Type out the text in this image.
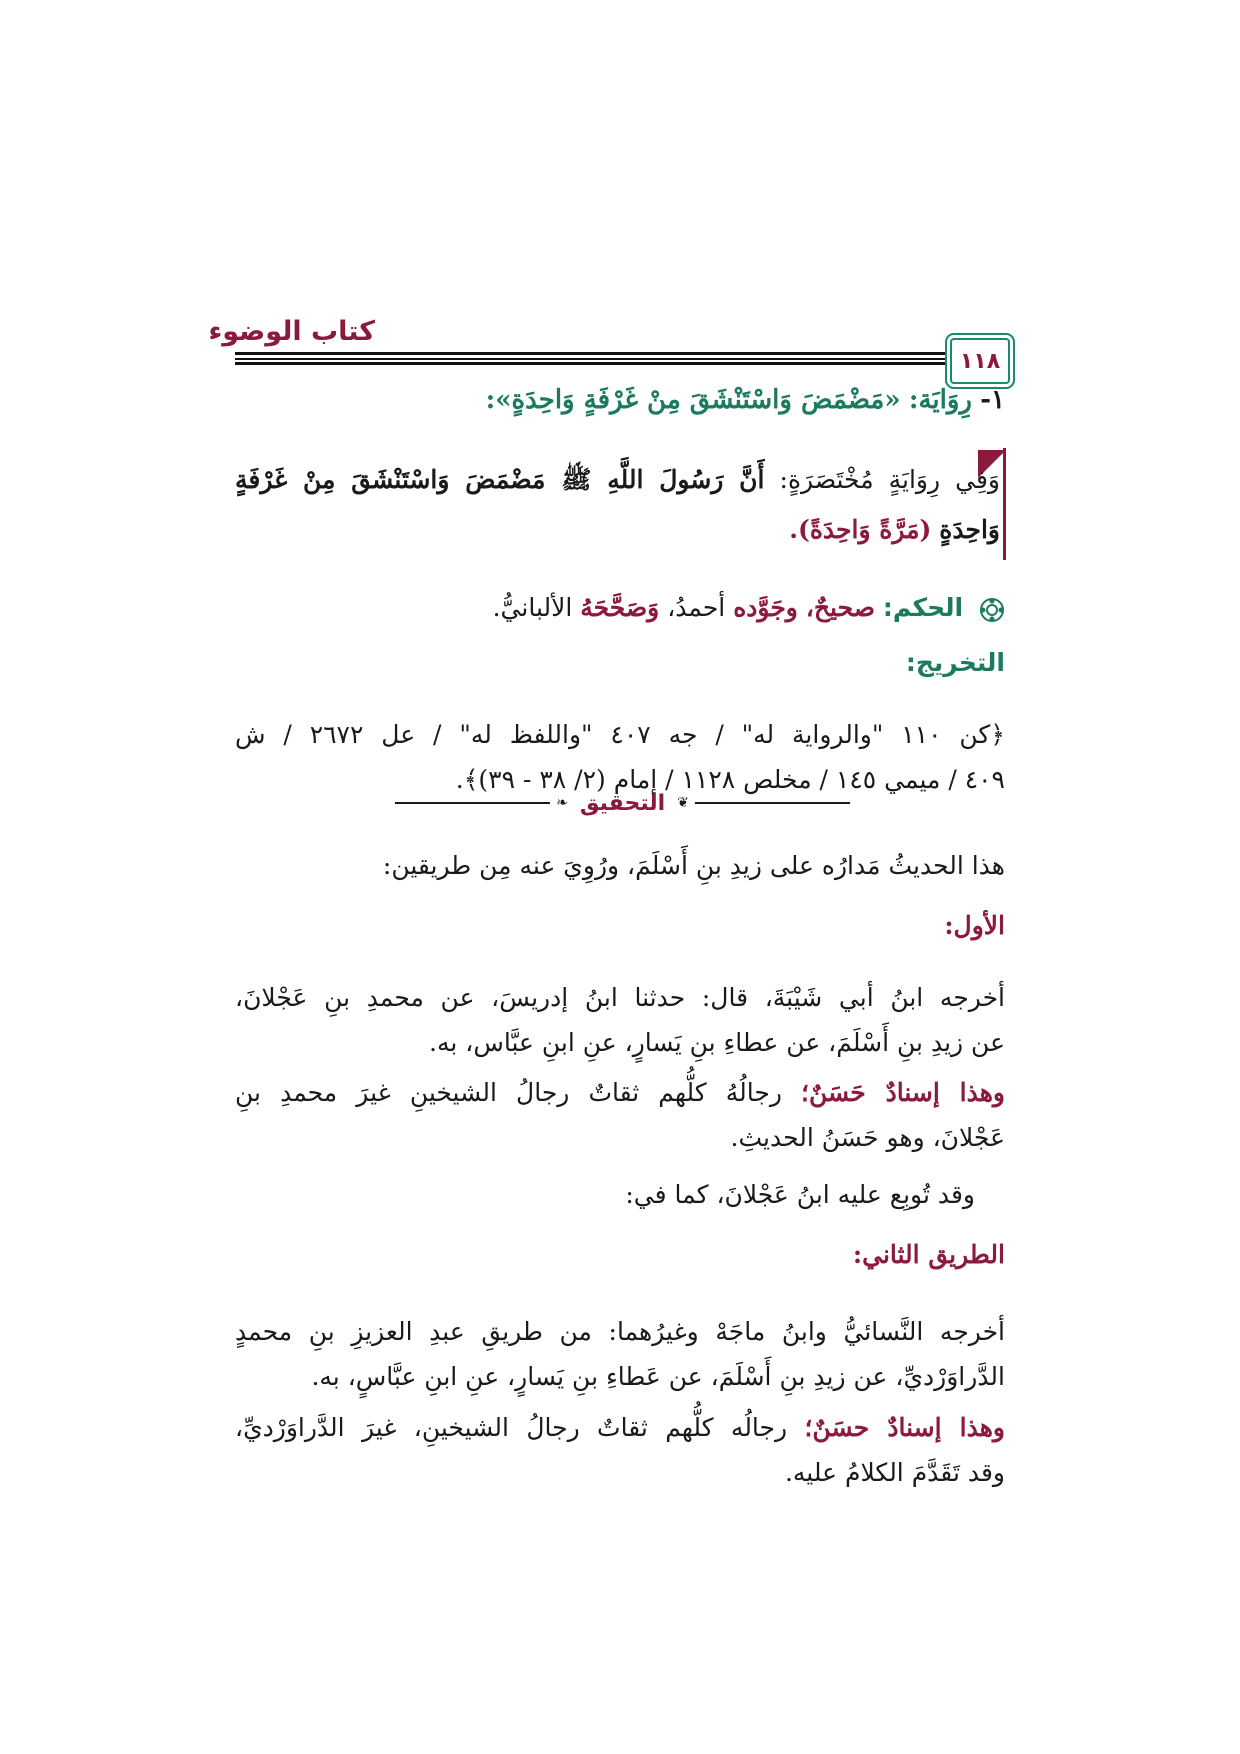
كتاب الوضوء
١١٨
١- رِوَايَة: «مَضْمَضَ وَاسْتَنْشَقَ مِنْ غَرْفَةٍ وَاحِدَةٍ»:
وَفِي رِوَايَةٍ مُخْتَصَرَةٍ: أَنَّ رَسُولَ اللَّهِ ﷺ مَضْمَضَ وَاسْتَنْشَقَ مِنْ غَرْفَةٍ
وَاحِدَةٍ (مَرَّةً وَاحِدَةً).
الحكم: صحيحٌ، وجَوَّده أحمدُ، وَصَحَّحَهُ الألبانيُّ.
التخريج:
﴿كن ١١٠ "والرواية له" / جه ٤٠٧ "واللفظ له" / عل ٢٦٧٢ / ش
٤٠٩ / ميمي ١٤٥ / مخلص ١١٢٨ / إمام (٢/ ٣٨ - ٣٩)﴾.
❦
التحقيق
❧
هذا الحديثُ مَدارُه على زيدِ بنِ أَسْلَمَ، ورُوِيَ عنه مِن طريقين:
الأول:
أخرجه ابنُ أبي شَيْبَةَ، قال: حدثنا ابنُ إدريسَ، عن محمدِ بنِ عَجْلانَ،
عن زيدِ بنِ أَسْلَمَ، عن عطاءِ بنِ يَسارٍ، عنِ ابنِ عبَّاس، به.
وهذا إسنادٌ حَسَنٌ؛ رجالُهُ كلُّهم ثقاتٌ رجالُ الشيخينِ غيرَ محمدِ بنِ
عَجْلانَ، وهو حَسَنُ الحديثِ.
وقد تُوبِع عليه ابنُ عَجْلانَ، كما في:
الطريق الثاني:
أخرجه النَّسائيُّ وابنُ ماجَهْ وغيرُهما: من طريقِ عبدِ العزيزِ بنِ محمدٍ
الدَّراوَرْديِّ، عن زيدِ بنِ أَسْلَمَ، عن عَطاءِ بنِ يَسارٍ، عنِ ابنِ عبَّاسٍ، به.
وهذا إسنادٌ حسَنٌ؛ رجالُه كلُّهم ثقاتٌ رجالُ الشيخينِ، غيرَ الدَّراوَرْديِّ،
وقد تَقَدَّمَ الكلامُ عليه.
